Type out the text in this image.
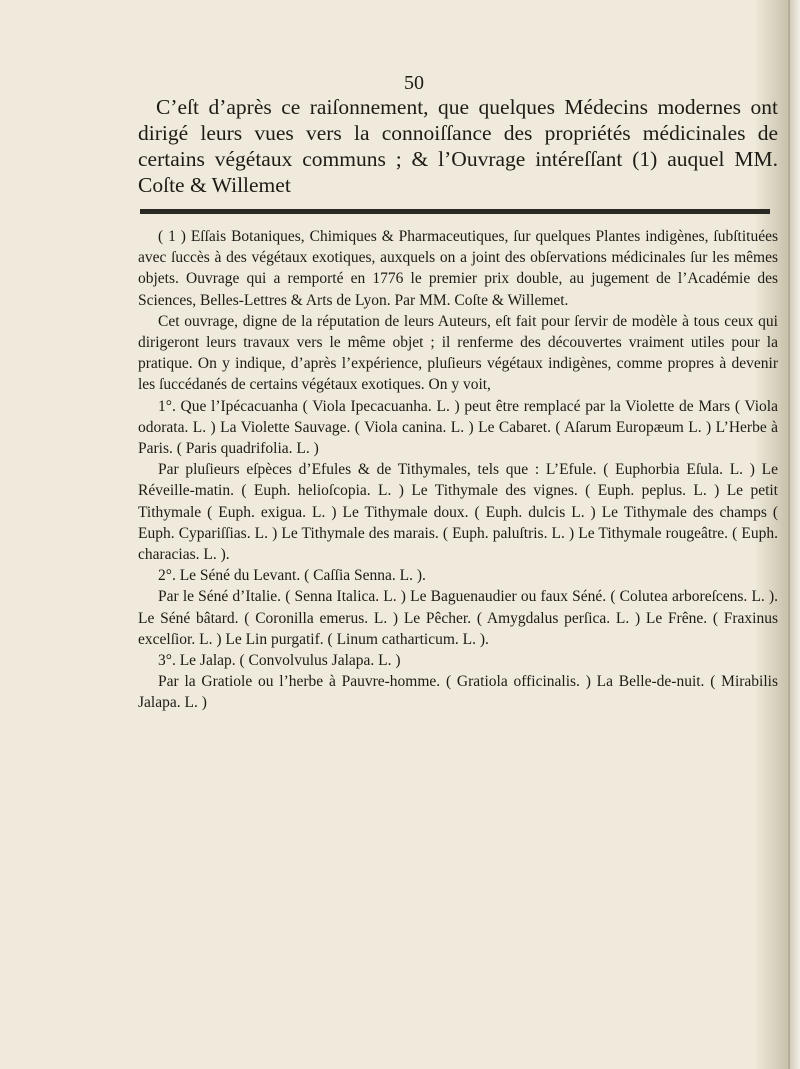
50

C’eſt d’après ce raiſonnement, que quelques Médecins modernes ont dirigé leurs vues vers la connoiſſance des propriétés médicinales de certains végétaux communs ; & l’Ouvrage intéreſſant (1) auquel MM. Coſte & Willemet

( 1 ) Eſſais Botaniques, Chimiques & Pharmaceutiques, ſur quelques Plantes indigènes, ſubſtituées avec ſuccès à des végétaux exotiques, auxquels on a joint des obſervations médicinales ſur les mêmes objets. Ouvrage qui a remporté en 1776 le premier prix double, au jugement de l’Académie des Sciences, Belles-Lettres & Arts de Lyon. Par MM. Coſte & Willemet.

Cet ouvrage, digne de la réputation de leurs Auteurs, eſt fait pour ſervir de modèle à tous ceux qui dirigeront leurs travaux vers le même objet ; il renferme des découvertes vraiment utiles pour la pratique. On y indique, d’après l’expérience, pluſieurs végétaux indigènes, comme propres à devenir les ſuccédanés de certains végétaux exotiques. On y voit,

1°. Que l’Ipécacuanha ( Viola Ipecacuanha. L. ) peut être remplacé par la Violette de Mars ( Viola odorata. L. ) La Violette Sauvage. ( Viola canina. L. ) Le Cabaret. ( Aſarum Europæum L. ) L’Herbe à Paris. ( Paris quadrifolia. L. )

Par pluſieurs eſpèces d’Efules & de Tithymales, tels que : L’Efule. ( Euphorbia Eſula. L. ) Le Réveille-matin. ( Euph. helioſcopia. L. ) Le Tithymale des vignes. ( Euph. peplus. L. ) Le petit Tithymale ( Euph. exigua. L. ) Le Tithymale doux. ( Euph. dulcis L. ) Le Tithymale des champs ( Euph. Cypariſſias. L. ) Le Tithymale des marais. ( Euph. paluſtris. L. ) Le Tithymale rougeâtre. ( Euph. characias. L. ).

2°. Le Séné du Levant. ( Caſſia Senna. L. ).

Par le Séné d’Italie. ( Senna Italica. L. ) Le Baguenaudier ou faux Séné. ( Colutea arboreſcens. L. ). Le Séné bâtard. ( Coronilla emerus. L. ) Le Pêcher. ( Amygdalus perſica. L. ) Le Frêne. ( Fraxinus excelſior. L. ) Le Lin purgatif. ( Linum catharticum. L. ).

3°. Le Jalap. ( Convolvulus Jalapa. L. )

Par la Gratiole ou l’herbe à Pauvre-homme. ( Gratiola officinalis. ) La Belle-de-nuit. ( Mirabilis Jalapa. L. )
